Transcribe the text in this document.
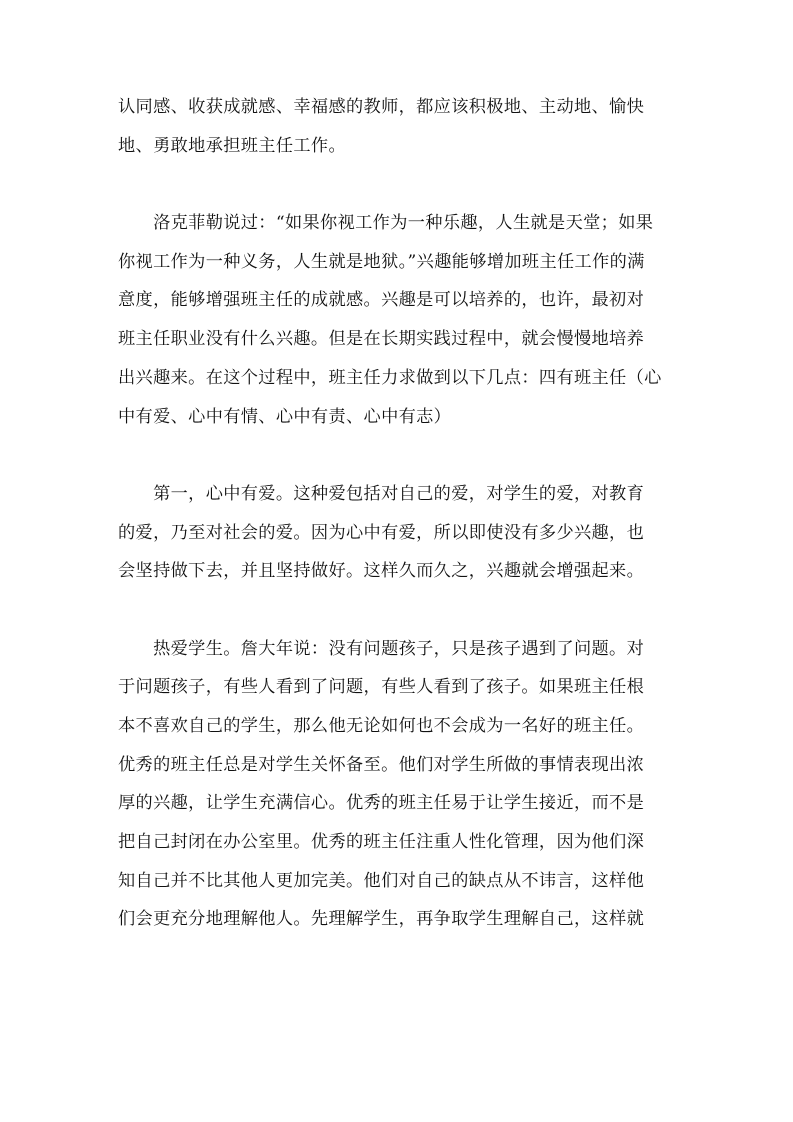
认同感、收获成就感、幸福感的教师，都应该积极地、主动地、愉快
地、勇敢地承担班主任工作。

　　洛克菲勒说过：“如果你视工作为一种乐趣，人生就是天堂；如果
你视工作为一种义务，人生就是地狱。”兴趣能够增加班主任工作的满
意度，能够增强班主任的成就感。兴趣是可以培养的，也许，最初对
班主任职业没有什么兴趣。但是在长期实践过程中，就会慢慢地培养
出兴趣来。在这个过程中，班主任力求做到以下几点：四有班主任（心
中有爱、心中有情、心中有责、心中有志）

　　第一，心中有爱。这种爱包括对自己的爱，对学生的爱，对教育
的爱，乃至对社会的爱。因为心中有爱，所以即使没有多少兴趣，也
会坚持做下去，并且坚持做好。这样久而久之，兴趣就会增强起来。

　　热爱学生。詹大年说：没有问题孩子，只是孩子遇到了问题。对
于问题孩子，有些人看到了问题，有些人看到了孩子。如果班主任根
本不喜欢自己的学生，那么他无论如何也不会成为一名好的班主任。
优秀的班主任总是对学生关怀备至。他们对学生所做的事情表现出浓
厚的兴趣，让学生充满信心。优秀的班主任易于让学生接近，而不是
把自己封闭在办公室里。优秀的班主任注重人性化管理，因为他们深
知自己并不比其他人更加完美。他们对自己的缺点从不讳言，这样他
们会更充分地理解他人。先理解学生，再争取学生理解自己，这样就
